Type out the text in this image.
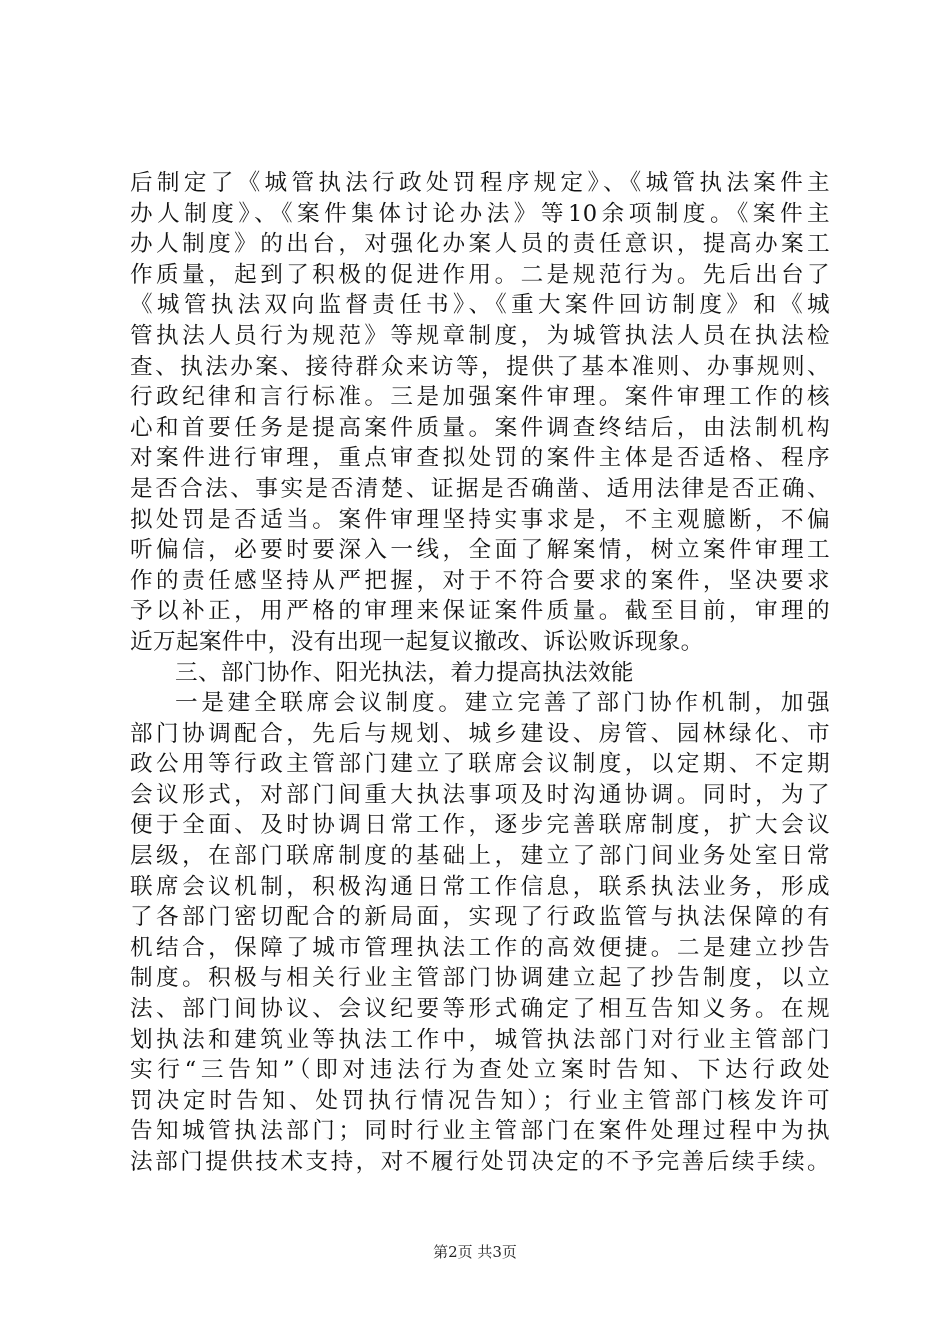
后制定了《城管执法行政处罚程序规定》、《城管执法案件主
办人制度》、《案件集体讨论办法》等10余项制度。《案件主
办人制度》的出台，对强化办案人员的责任意识，提高办案工
作质量，起到了积极的促进作用。二是规范行为。先后出台了
《城管执法双向监督责任书》、《重大案件回访制度》和《城
管执法人员行为规范》等规章制度，为城管执法人员在执法检
查、执法办案、接待群众来访等，提供了基本准则、办事规则、
行政纪律和言行标准。三是加强案件审理。案件审理工作的核
心和首要任务是提高案件质量。案件调查终结后，由法制机构
对案件进行审理，重点审查拟处罚的案件主体是否适格、程序
是否合法、事实是否清楚、证据是否确凿、适用法律是否正确、
拟处罚是否适当。案件审理坚持实事求是，不主观臆断，不偏
听偏信，必要时要深入一线，全面了解案情，树立案件审理工
作的责任感坚持从严把握，对于不符合要求的案件，坚决要求
予以补正，用严格的审理来保证案件质量。截至目前，审理的
近万起案件中，没有出现一起复议撤改、诉讼败诉现象。
三、部门协作、阳光执法，着力提高执法效能
一是建全联席会议制度。建立完善了部门协作机制，加强
部门协调配合，先后与规划、城乡建设、房管、园林绿化、市
政公用等行政主管部门建立了联席会议制度，以定期、不定期
会议形式，对部门间重大执法事项及时沟通协调。同时，为了
便于全面、及时协调日常工作，逐步完善联席制度，扩大会议
层级，在部门联席制度的基础上，建立了部门间业务处室日常
联席会议机制，积极沟通日常工作信息，联系执法业务，形成
了各部门密切配合的新局面，实现了行政监管与执法保障的有
机结合，保障了城市管理执法工作的高效便捷。二是建立抄告
制度。积极与相关行业主管部门协调建立起了抄告制度，以立
法、部门间协议、会议纪要等形式确定了相互告知义务。在规
划执法和建筑业等执法工作中，城管执法部门对行业主管部门
实行“三告知”（即对违法行为查处立案时告知、下达行政处
罚决定时告知、处罚执行情况告知）；行业主管部门核发许可
告知城管执法部门；同时行业主管部门在案件处理过程中为执
法部门提供技术支持，对不履行处罚决定的不予完善后续手续。
第2页 共3页
